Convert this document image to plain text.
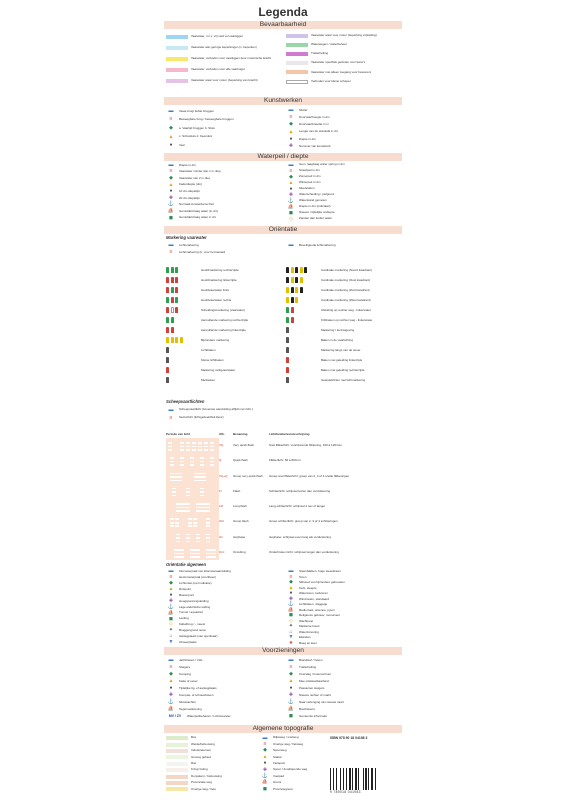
Legenda
Bevaarbaarheid
Vaarwater, m.i.v. vrij veld vol vaarliggen
Vaarwater aan geringe beperkingen (v. beperken)
Vaarwater, verboden voor vaarliggen door motorische kracht
Vaarwater, verboden voor alle vaartuigen
Vaarwater waar voor motor (beperking van kracht)
Vaarwater waar voor motor (beperking vrijstelling)
Waterwegen / waterbeheer
Trailerhelling
Vaarwater specifiek gesloten voor kano's
Vaarwater met alleen toegang voor bewoners
Verboden voor kleine schepen
Kunstwerken
▬	Vaste brug/ liefde bruggen
≡	Beweegbare brug / beweegbare bruggen
◆	a. Vaartijd bruggen b. Sluis
▲	c. Schutsluis d. Keersluis
●	Veer
▬	Sluiter
≡	Doorvaarthoogte in dm
◆	Doorvaartbreedte in m
▲	Lengte van de sluiskolk in dm
●	Diepte in dm
✚	Nummer van kunstwerk
Waterpeil / diepte
▬	Diepte in dm
≡	Vaarwater minder dan 1 m diep
◆	Vaarwater van 2 m diep
▲	Kaderdiepte (dm)
●	10 dm dieptelijn
✚	20 dm dieptelijn
⚓	Normaal Amsterdams Peil
⛵	Gemiddeld laag water (in dm)
◼	Gemiddeld laag water in dm
▬	Gem. laag/laag water spring in dm
≡	Streefpeil in dm
◆	Zomerpeil in dm
▲	Winterpeil in dm
●	Meetstation
✚	Waterscheiding / peilgrens
⚓	Waterstand gemeten
⛵	Diepte in dm (indicatief)
◼	Nieuwe / tijdelijke ondiepte
◇	Zanden dan kroller water
Oriëntatie
Markering vaarwater
▬	Lichtmarkering
≡	Lichtmarkering (tr. voor het kanaal)
▬	Beveiligende lichtmarkering
Hoofdmarkering rechterzijde
Hoofdmarkering linkerzijde
Hoofdvaarwater links
Hoofdvaarwater rechts
Scheidingsmarkering (vaarwater)
Aanvullende markering rechterzijde
Aanvullende markering linkerzijde
Bijzondere markering
Lichtbaken
Kleine lichtbaken
Markering veiligvaarwater
Merkteken
Cardinale markering (Noord kwadrant)
Cardinale markering (Oost kwadrant)
Cardinale markering (Zuid kwadrant)
Cardinale markering (West kwadrant)
Afsluiting op rechter weg - linkerwater
Kribbaken op rechter weg - linkerwater
Markering / kennisgeving
Baken in de vaartichting
Markering langs van de oever
Baken met geleiding linkerzijde
Baken met geleiding rechterzijde
Geleidelichten met lichtmarkering
Scheepvaartlichten
▬	Scheepvaartlicht (bovenste aanduiding affijdt met richt.)
≡	Sectorlicht (lichtgedeeld/wit kleur)
Periode van licht	Afk.	Benaming	Lichtbetekenis/omschrijving
VQ	Very quick flash	Snel flikkerlicht: voortdurende flikkering, 100 à 120/min.
Q	Quick flash	Flikkerlicht: 50 à 80/min.
VQ+Q	Group very quick flash	Groep snel flikkerlicht: groep van 2, 3 of 4 snelle flikkeringen
Fl	Flash	Schitterlicht: schijnsel korter dan verduistering
LFl	Long flash	Lang schitterlicht: schijnsel 2 sec of langer
GFl	Group flash	Groep schitterlicht: groep van 2, 3 of 4 schitteringen
Oc	Isophase	Isophase: schijnsel even lang als verduistering
Occ	Occulting	Onderbroken licht: schijnsel langer dan verduistering
Oriëntatie algemeen
▬	Kilometerpaal met kilometeraanduiding
≡	Hectometerpaal (voortbeen)
◆	Lichtmast (met indicatie)
▲	Rotspunt
●	Boeienpunt
✚	Hoogspanningsleiding
⚓	Lage elektrische leiding
⛵	Tunnel / aquaduct
◼	Leiding
◇	Kabelbrug / - meest
✦	Bruggengrond oever
⌂	Aanlegplaats (niet openbaar)
▼	Afmeerplaats
▬	Steenbakken, hoge steenkraan
≡	Toren
◆	Silhouet van bijzondere gebouwen
▲	Kerk, steeple
●	Watertoren, kerktoren
✚	Windmolen, standaard
⚓	Lichtbaken, vlaggetje
⛵	Radiomast, antenne, pylon
◼	Religieuze gebouw, monument
◇	Wachtpost
✦	Markante bouw
⌂	Waterzuivering
▼	Eilanden
★	Boeg en keer
Voorzieningen
▬	Jachthaven / VHL
≡	Steigers
◆	Camping
▲	Kade of oever
●	Tijdelijke lig- of aanlegplaats
✚	Kompas- of schouwhaven
⚓	Sluiswachter
⛵	Tegemoetkoming
MV / ZV	Waterpolitiehaven / Lichtmeester
▬	Brandstof / haven
≡	Trailerhelling
◆	Overslag / botenverhuur
▲	Mee uitwisselbaarheid
●	Passanten steigers
✚	Nieuwe rechter of markt
⚓	Naar verlenging van nieuwe vaart
⛵	Boothavens
◼	Gemeente informatie
Algemene topografie
Bos
Weide/bebouwing
Industrieterrein
Groeng gebied
Riet
Kring/ heling
Dorpskern / bebouwing
Provinciale weg
Overige weg / fiets
▬	Rijksweg / snelweg
≡	Overige weg / fietsweg
◆	Spoorweg
▲	Station
●	Fietspad
✚	Spoor / doodlopende weg
⚓	Voetpad
⛵	Grens
◼	Provinciegrens
ISBN 978 90 18 04198 3
9 789018 041983
